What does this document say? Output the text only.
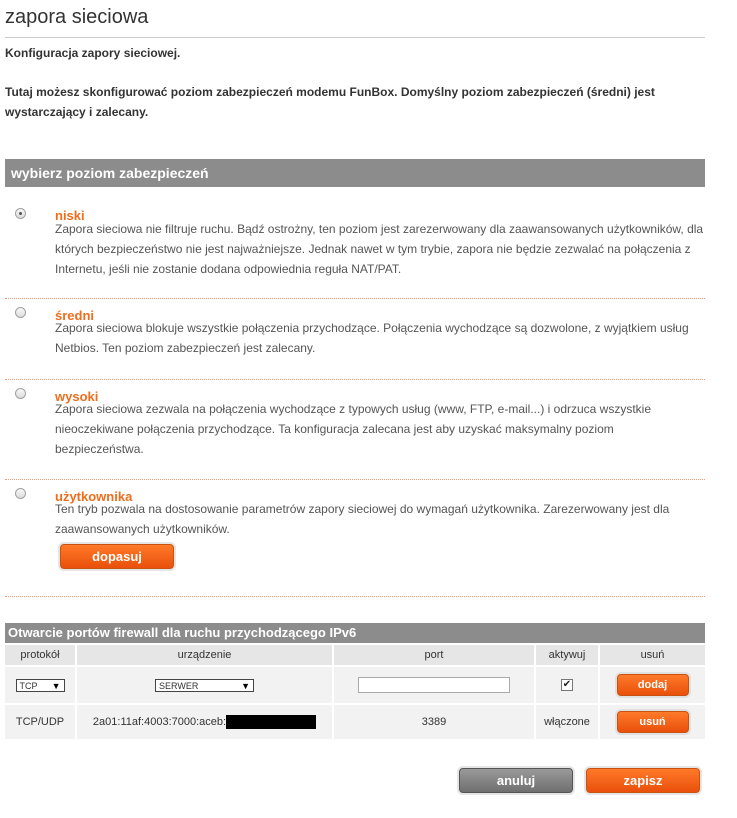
zapora sieciowa
Konfiguracja zapory sieciowej.
Tutaj możesz skonfigurować poziom zabezpieczeń modemu FunBox. Domyślny poziom zabezpieczeń (średni) jest wystarczający i zalecany.
wybierz poziom zabezpieczeń
niski
Zapora sieciowa nie filtruje ruchu. Bądź ostrożny, ten poziom jest zarezerwowany dla zaawansowanych użytkowników, dla których bezpieczeństwo nie jest najważniejsze. Jednak nawet w tym trybie, zapora nie będzie zezwalać na połączenia z Internetu, jeśli nie zostanie dodana odpowiednia reguła NAT/PAT.
średni
Zapora sieciowa blokuje wszystkie połączenia przychodzące. Połączenia wychodzące są dozwolone, z wyjątkiem usług Netbios. Ten poziom zabezpieczeń jest zalecany.
wysoki
Zapora sieciowa zezwala na połączenia wychodzące z typowych usług (www, FTP, e-mail...) i odrzuca wszystkie nieoczekiwane połączenia przychodzące. Ta konfiguracja zalecana jest aby uzyskać maksymalny poziom bezpieczeństwa.
użytkownika
Ten tryb pozwala na dostosowanie parametrów zapory sieciowej do wymagań użytkownika. Zarezerwowany jest dla zaawansowanych użytkowników.
dopasuj
Otwarcie portów firewall dla ruchu przychodzącego IPv6
protokół	urządzenie	port	aktywuj	usuń
TCP ▼	SERWER ▼		✔	dodaj
TCP/UDP	2a01:11af:4003:7000:aceb:	3389	włączone	usuń
anuluj	zapisz
